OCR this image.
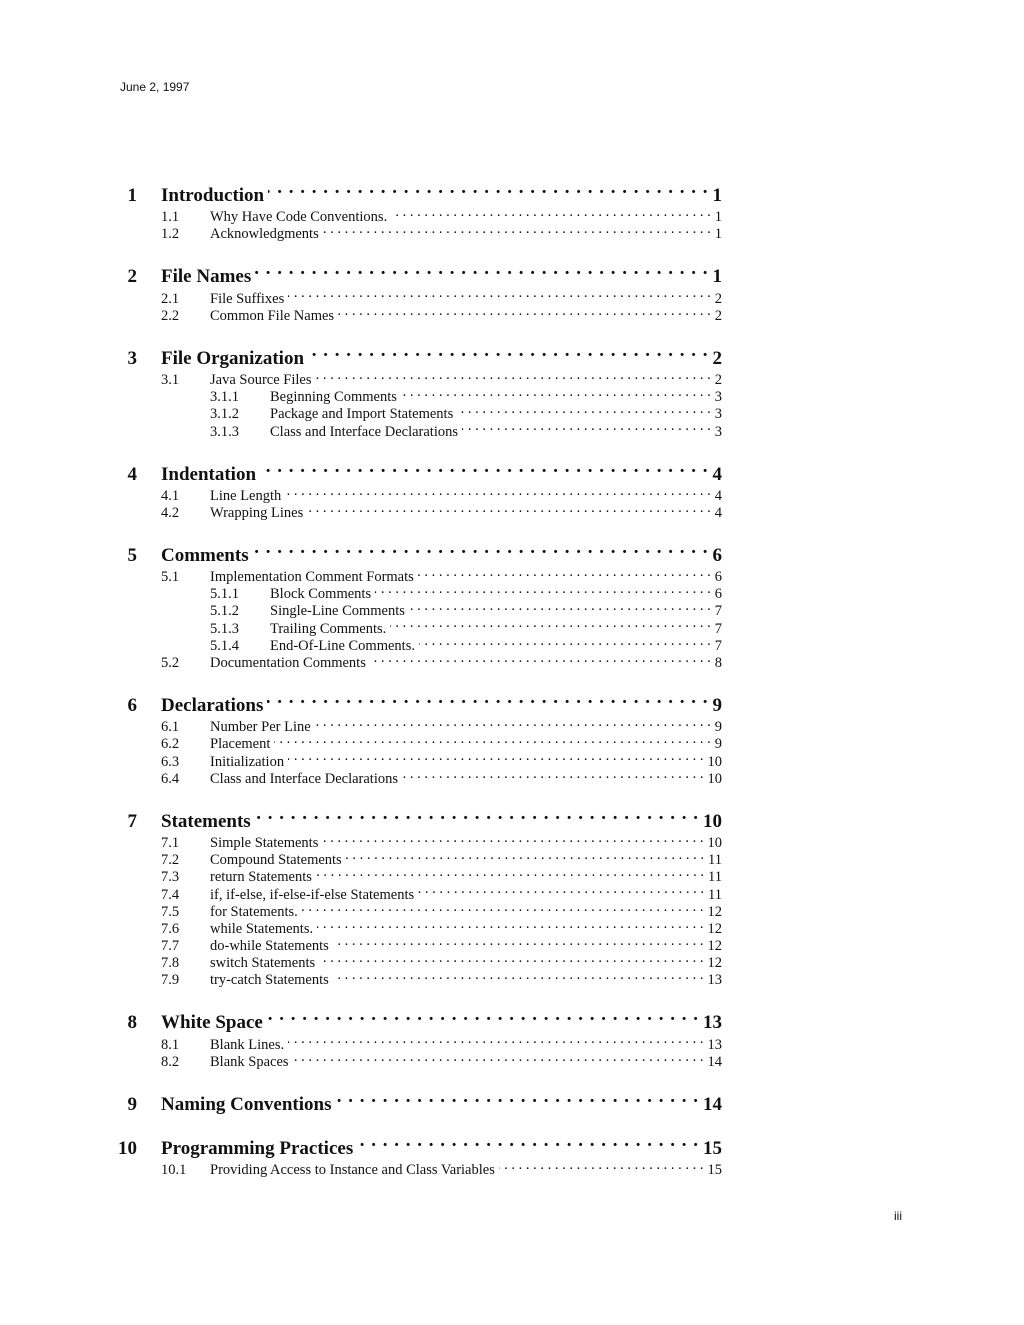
June 2, 1997
1	Introduction . . .	1
1.1	Why Have Code Conventions. . . .	1
1.2	Acknowledgments . . .	1
2	File Names . . .	1
2.1	File Suffixes . . .	2
2.2	Common File Names . . .	2
3	File Organization . . .	2
3.1	Java Source Files . . .	2
3.1.1	Beginning Comments . . .	3
3.1.2	Package and Import Statements . . .	3
3.1.3	Class and Interface Declarations . . .	3
4	Indentation . . .	4
4.1	Line Length . . .	4
4.2	Wrapping Lines . . .	4
5	Comments . . .	6
5.1	Implementation Comment Formats . . .	6
5.1.1	Block Comments . . .	6
5.1.2	Single-Line Comments . . .	7
5.1.3	Trailing Comments. . . .	7
5.1.4	End-Of-Line Comments. . . .	7
5.2	Documentation Comments . . .	8
6	Declarations . . .	9
6.1	Number Per Line . . .	9
6.2	Placement . . .	9
6.3	Initialization . . .	10
6.4	Class and Interface Declarations . . .	10
7	Statements . . .	10
7.1	Simple Statements . . .	10
7.2	Compound Statements . . .	11
7.3	return Statements . . .	11
7.4	if, if-else, if-else-if-else Statements . . .	11
7.5	for Statements. . . .	12
7.6	while Statements. . . .	12
7.7	do-while Statements . . .	12
7.8	switch Statements . . .	12
7.9	try-catch Statements . . .	13
8	White Space . . .	13
8.1	Blank Lines. . . .	13
8.2	Blank Spaces . . .	14
9	Naming Conventions . . .	14
10	Programming Practices . . .	15
10.1	Providing Access to Instance and Class Variables . . .	15
iii
